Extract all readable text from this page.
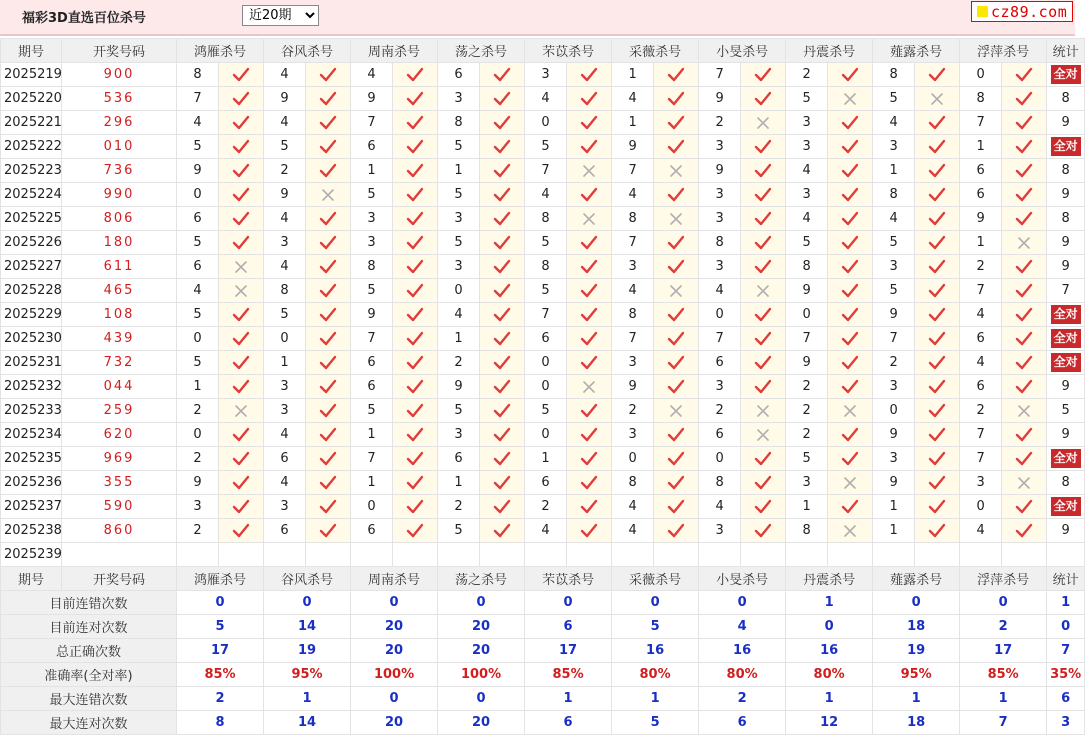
福彩3D直选百位杀号
近20期	cz89.com
期号	开奖号码	鸿雁杀号		谷风杀号		周南杀号		荡之杀号		芣苡杀号		采薇杀号		小旻杀号		丹震杀号		薤露杀号		浮萍杀号		统计
2025219	900	8		4		4		6		3		1		7		2		8		0		全对
2025220	536	7		9		9		3		4		4		9		5		5		8		8
2025221	296	4		4		7		8		0		1		2		3		4		7		9
2025222	010	5		5		6		5		5		9		3		3		3		1		全对
2025223	736	9		2		1		1		7		7		9		4		1		6		8
2025224	990	0		9		5		5		4		4		3		3		8		6		9
2025225	806	6		4		3		3		8		8		3		4		4		9		8
2025226	180	5		3		3		5		5		7		8		5		5		1		9
2025227	611	6		4		8		3		8		3		3		8		3		2		9
2025228	465	4		8		5		0		5		4		4		9		5		7		7
2025229	108	5		5		9		4		7		8		0		0		9		4		全对
2025230	439	0		0		7		1		6		7		7		7		7		6		全对
2025231	732	5		1		6		2		0		3		6		9		2		4		全对
2025232	044	1		3		6		9		0		9		3		2		3		6		9
2025233	259	2		3		5		5		5		2		2		2		0		2		5
2025234	620	0		4		1		3		0		3		6		2		9		7		9
2025235	969	2		6		7		6		1		0		0		5		3		7		全对
2025236	355	9		4		1		1		6		8		8		3		9		3		8
2025237	590	3		3		0		2		2		4		4		1		1		0		全对
2025238	860	2		6		6		5		4		4		3		8		1		4		9
2025239	当前期杀号	4		2		1		2		1		7		3		7		2		6		
期号	开奖号码	鸿雁杀号		谷风杀号		周南杀号		荡之杀号		芣苡杀号		采薇杀号		小旻杀号		丹震杀号		薤露杀号		浮萍杀号		统计
目前连错次数		0		0		0		0		0		0		0		1		0		0		1
目前连对次数		5		14		20		20		6		5		4		0		18		2		0
总正确次数		17		19		20		20		17		16		16		16		19		17		7
准确率(全对率)		85%		95%		100%		100%		85%		80%		80%		80%		95%		85%		35%
最大连错次数		2		1		0		0		1		1		2		1		1		1		6
最大连对次数		8		14		20		20		6		5		6		12		18		7		3
